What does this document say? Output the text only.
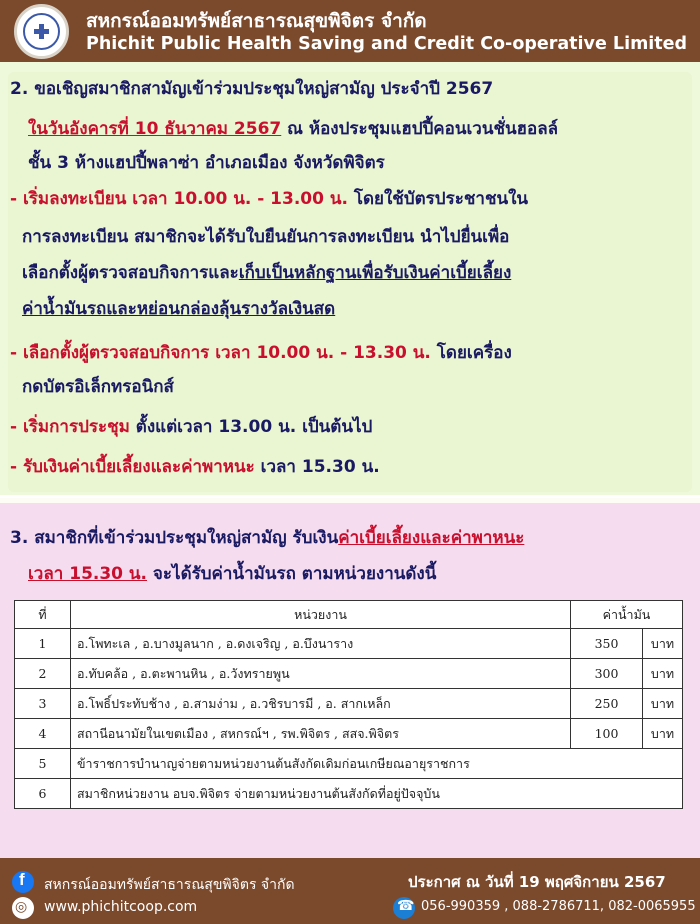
สหกรณ์ออมทรัพย์สาธารณสุขพิจิตร จำกัด
Phichit Public Health Saving and Credit Co-operative Limited
2. ขอเชิญสมาชิกสามัญเข้าร่วมประชุมใหญ่สามัญ ประจำปี 2567
ในวันอังคารที่ 10 ธันวาคม 2567 ณ ห้องประชุมแฮปปี้คอนเวนชั่นฮอลล์
ชั้น 3 ห้างแฮปปี้พลาซ่า อำเภอเมือง จังหวัดพิจิตร
- เริ่มลงทะเบียน เวลา 10.00 น. - 13.00 น. โดยใช้บัตรประชาชนใน
การลงทะเบียน สมาชิกจะได้รับใบยืนยันการลงทะเบียน นำไปยื่นเพื่อ
เลือกตั้งผู้ตรวจสอบกิจการและเก็บเป็นหลักฐานเพื่อรับเงินค่าเบี้ยเลี้ยง
ค่าน้ำมันรถและหย่อนกล่องลุ้นรางวัลเงินสด
- เลือกตั้งผู้ตรวจสอบกิจการ เวลา 10.00 น. - 13.30 น. โดยเครื่อง
กดบัตรอิเล็กทรอนิกส์
- เริ่มการประชุม ตั้งแต่เวลา 13.00 น. เป็นต้นไป
- รับเงินค่าเบี้ยเลี้ยงและค่าพาหนะ เวลา 15.30 น.
3. สมาชิกที่เข้าร่วมประชุมใหญ่สามัญ รับเงินค่าเบี้ยเลี้ยงและค่าพาหนะ
เวลา 15.30 น. จะได้รับค่าน้ำมันรถ ตามหน่วยงานดังนี้
ที่	หน่วยงาน	ค่าน้ำมัน	
1	อ.โพทะเล , อ.บางมูลนาก , อ.ดงเจริญ , อ.บึงนาราง	350	บาท
2	อ.ทับคล้อ , อ.ตะพานหิน , อ.วังทรายพูน	300	บาท
3	อ.โพธิ์ประทับช้าง , อ.สามง่าม , อ.วชิรบารมี , อ. สากเหล็ก	250	บาท
4	สถานีอนามัยในเขตเมือง , สหกรณ์ฯ , รพ.พิจิตร , สสจ.พิจิตร	100	บาท
5	ข้าราชการบำนาญจ่ายตามหน่วยงานต้นสังกัดเดิมก่อนเกษียณอายุราชการ		
6	สมาชิกหน่วยงาน อบจ.พิจิตร จ่ายตามหน่วยงานต้นสังกัดที่อยู่ปัจจุบัน		
f สหกรณ์ออมทรัพย์สาธารณสุขพิจิตร จำกัด
◎ www.phichitcoop.com
ประกาศ ณ วันที่ 19 พฤศจิกายน 2567
☎ 056-990359 , 088-2786711, 082-0065955
